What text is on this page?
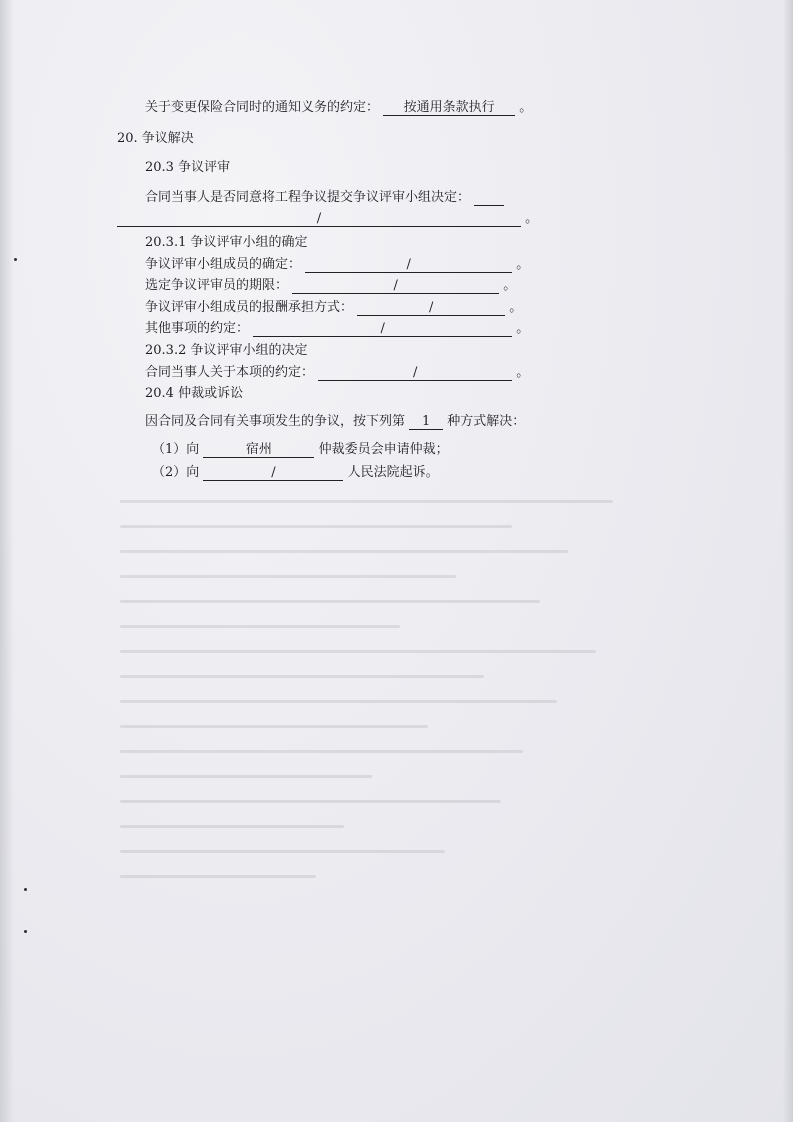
关于变更保险合同时的通知义务的约定： 按通用条款执行 。
20. 争议解决
20.3 争议评审
合同当事人是否同意将工程争议提交争议评审小组决定：
/	。
20.3.1 争议评审小组的确定
争议评审小组成员的确定：	/	。
选定争议评审员的期限：	/	。
争议评审小组成员的报酬承担方式：	/	。
其他事项的约定：	/	。
20.3.2 争议评审小组的决定
合同当事人关于本项的约定：	/	。
20.4 仲裁或诉讼
因合同及合同有关事项发生的争议，按下列第 1 种方式解决：
（1）向	宿州	仲裁委员会申请仲裁；
（2）向	/	人民法院起诉。
